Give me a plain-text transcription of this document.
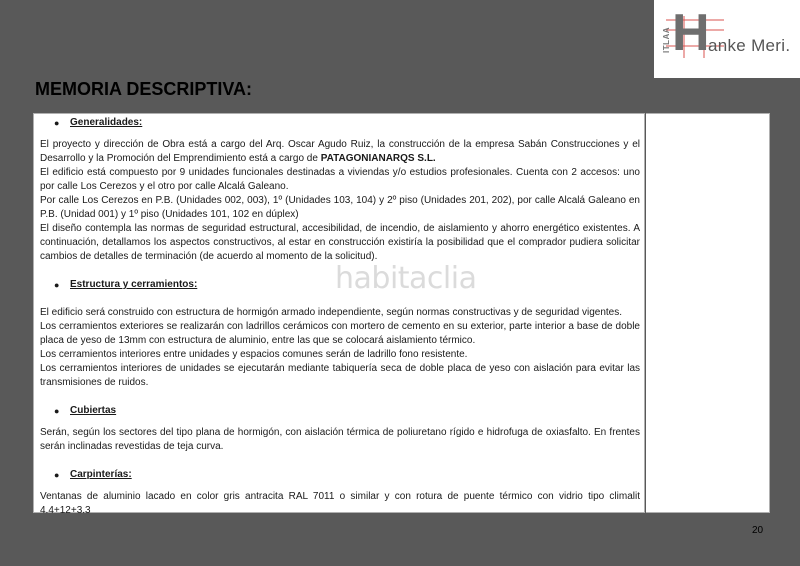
ITLAA H
anke Meri.
MEMORIA DESCRIPTIVA:
● Generalidades:

El proyecto y dirección de Obra está a cargo del Arq. Oscar Agudo Ruiz, la construcción de la empresa Sabán Construcciones y el Desarrollo y la Promoción del Emprendimiento está a cargo de PATAGONIANARQS S.L.

El edificio está compuesto por 9 unidades funcionales destinadas a viviendas y/o estudios profesionales. Cuenta con 2 accesos: uno por calle Los Cerezos y el otro por calle Alcalá Galeano.

Por calle Los Cerezos en P.B. (Unidades 002, 003), 1º (Unidades 103, 104) y 2º piso (Unidades 201, 202), por calle Alcalá Galeano en P.B. (Unidad 001) y 1º piso (Unidades 101, 102 en dúplex)

El diseño contempla las normas de seguridad estructural, accesibilidad, de incendio, de aislamiento y ahorro energético existentes. A continuación, detallamos los aspectos constructivos, al estar en construcción existiría la posibilidad que el comprador pudiera solicitar cambios de detalles de terminación (de acuerdo al momento de la solicitud).

● Estructura y cerramientos:

El edificio será construido con estructura de hormigón armado independiente, según normas constructivas y de seguridad vigentes.

Los cerramientos exteriores se realizarán con ladrillos cerámicos con mortero de cemento en su exterior, parte interior a base de doble placa de yeso de 13mm con estructura de aluminio, entre las que se colocará aislamiento térmico.

Los cerramientos interiores entre unidades y espacios comunes serán de ladrillo fono resistente.

Los cerramientos interiores de unidades se ejecutarán mediante tabiquería seca de doble placa de yeso con aislación para evitar las transmisiones de ruidos.

● Cubiertas

Serán, según los sectores del tipo plana de hormigón, con aislación térmica de poliuretano rígido e hidrofuga de oxiasfalto. En frentes serán inclinadas revestidas de teja curva.

● Carpinterías:

Ventanas de aluminio lacado en color gris antracita RAL 7011 o similar y con rotura de puente térmico con vidrio tipo climalit 4.4+12+3.3

habitaclia
20
